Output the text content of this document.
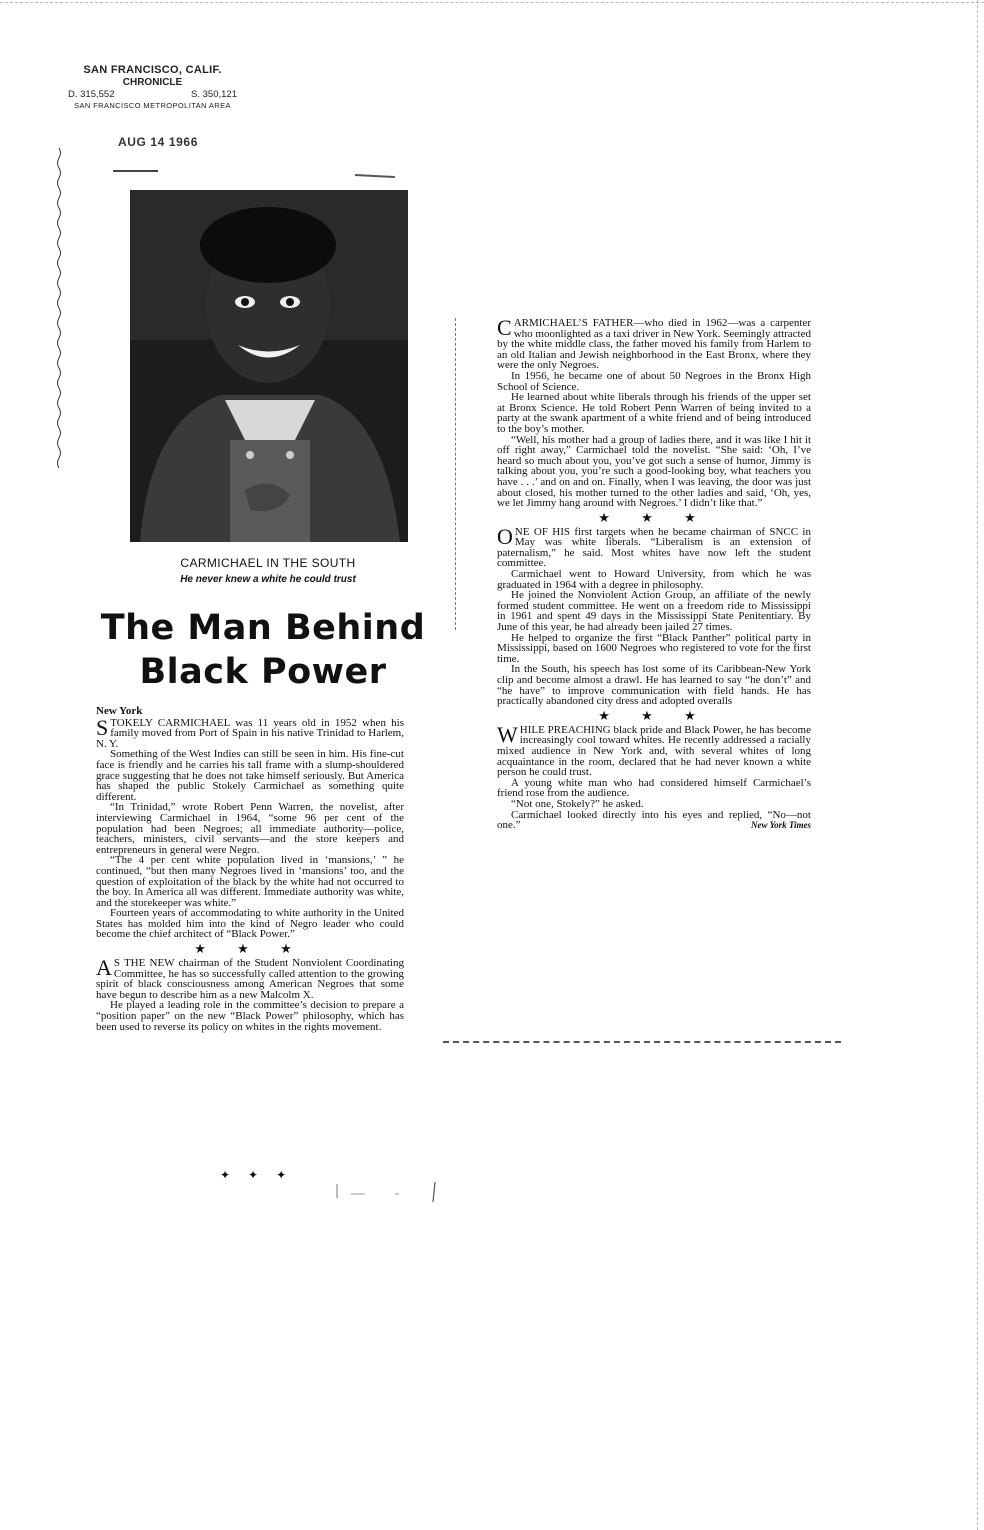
SAN FRANCISCO, CALIF.
CHRONICLE
D. 315,552	S. 350,121
SAN FRANCISCO METROPOLITAN AREA
AUG 14 1966
CARMICHAEL IN THE SOUTH
He never knew a white he could trust
The Man Behind
Black Power
New York

STOKELY CARMICHAEL was 11 years old in 1952 when his family moved from Port of Spain in his native Trinidad to Harlem, N. Y.

Something of the West Indies can still be seen in him. His fine-cut face is friendly and he carries his tall frame with a slump-shouldered grace suggesting that he does not take himself seriously. But America has shaped the public Stokely Carmichael as something quite different.

“In Trinidad,” wrote Robert Penn Warren, the novelist, after interviewing Carmichael in 1964, “some 96 per cent of the population had been Negroes; all immediate authority—police, teachers, ministers, civil servants—and the store keepers and entrepreneurs in general were Negro.

“The 4 per cent white population lived in ‘mansions,’ ” he continued, “but then many Negroes lived in ‘mansions’ too, and the question of exploitation of the black by the white had not occurred to the boy. In America all was different. Immediate authority was white, and the storekeeper was white.”

Fourteen years of accommodating to white authority in the United States has molded him into the kind of Negro leader who could become the chief architect of “Black Power.”

★ ★ ★

A S THE NEW chairman of the Student Nonviolent Coordinating Committee, he has so successfully called attention to the growing spirit of black consciousness among American Negroes that some have begun to describe him as a new Malcolm X.

He played a leading role in the committee’s decision to prepare a “position paper” on the new “Black Power” philosophy, which has been used to reverse its policy on whites in the rights movement.

✦✦✦

CARMICHAEL’S FATHER—who died in 1962—was a carpenter who moonlighted as a taxi driver in New York. Seemingly attracted by the white middle class, the father moved his family from Harlem to an old Italian and Jewish neighborhood in the East Bronx, where they were the only Negroes.

In 1956, he became one of about 50 Negroes in the Bronx High School of Science.

He learned about white liberals through his friends of the upper set at Bronx Science. He told Robert Penn Warren of being invited to a party at the swank apartment of a white friend and of being introduced to the boy’s mother.

“Well, his mother had a group of ladies there, and it was like I hit it off right away,” Carmichael told the novelist. “She said: ‘Oh, I’ve heard so much about you, you’ve got such a sense of humor, Jimmy is talking about you, you’re such a good-looking boy, what teachers you have . . .’ and on and on. Finally, when I was leaving, the door was just about closed, his mother turned to the other ladies and said, ‘Oh, yes, we let Jimmy hang around with Negroes.’ I didn’t like that.”

★ ★ ★

ONE OF HIS first targets when he became chairman of SNCC in May was white liberals. “Liberalism is an extension of paternalism,” he said. Most whites have now left the student committee.

Carmichael went to Howard University, from which he was graduated in 1964 with a degree in philosophy.

He joined the Nonviolent Action Group, an affiliate of the newly formed student committee. He went on a freedom ride to Mississippi in 1961 and spent 49 days in the Mississippi State Penitentiary. By June of this year, he had already been jailed 27 times.

He helped to organize the first “Black Panther” political party in Mississippi, based on 1600 Negroes who registered to vote for the first time.

In the South, his speech has lost some of its Caribbean-New York clip and become almost a drawl. He has learned to say “he don’t” and “he have” to improve communication with field hands. He has practically abandoned city dress and adopted overalls

★ ★ ★

WHILE PREACHING black pride and Black Power, he has become increasingly cool toward whites. He recently addressed a racially mixed audience in New York and, with several whites of long acquaintance in the room, declared that he had never known a white person he could trust.

A young white man who had considered himself Carmichael’s friend rose from the audience.

“Not one, Stokely?” he asked.

Carmichael looked directly into his eyes and replied, “No—not one.”	New York Times
